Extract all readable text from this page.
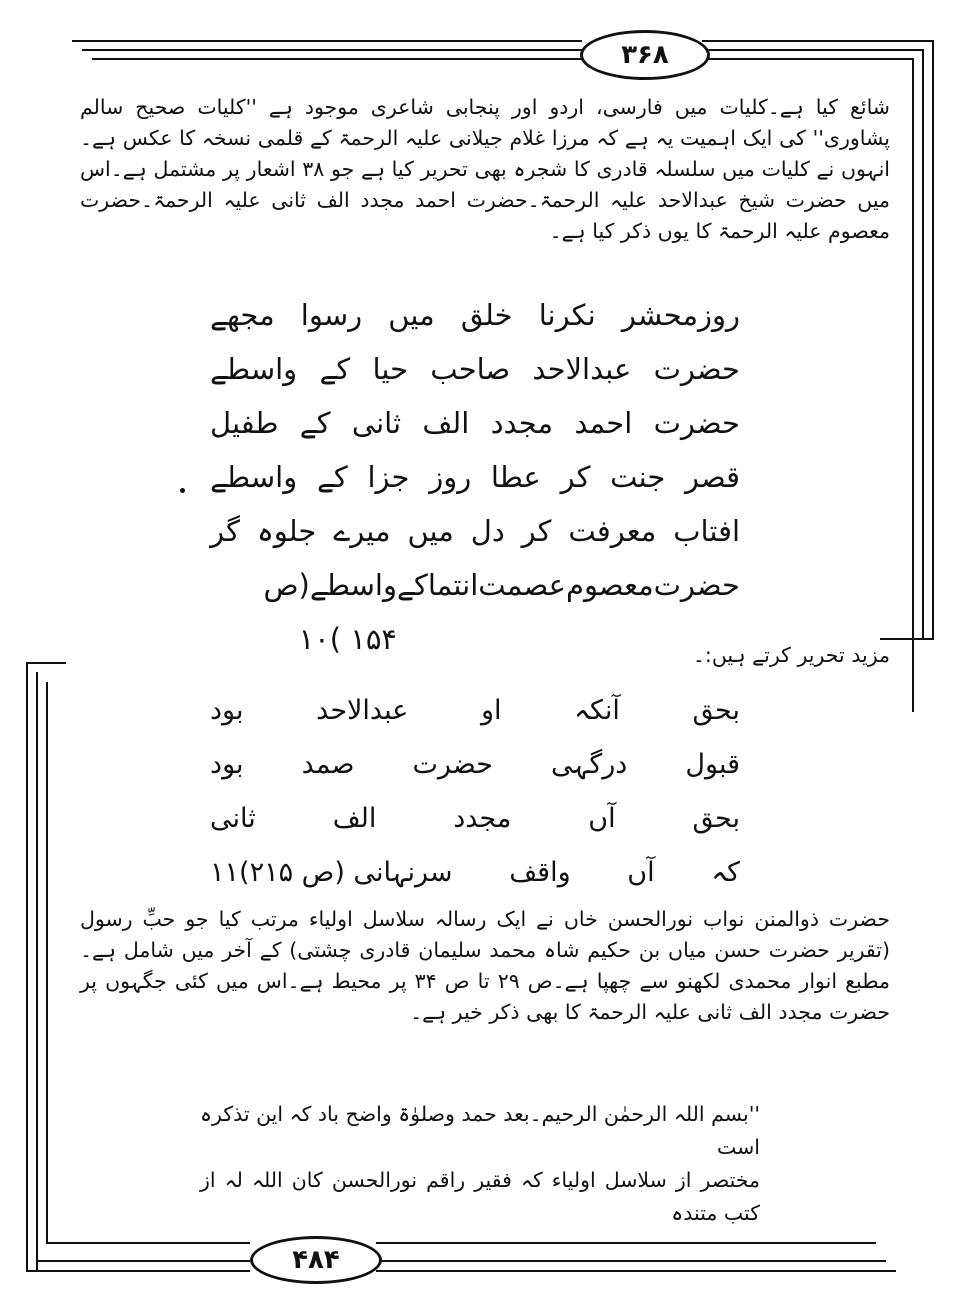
۳۶۸
شائع کیا ہے۔کلیات میں فارسی، اردو اور پنجابی شاعری موجود ہے ''کلیات صحیح سالم پشاوری'' کی ایک اہمیت یہ ہے کہ مرزا غلام جیلانی علیہ الرحمۃ کے قلمی نسخہ کا عکس ہے۔انہوں نے کلیات میں سلسلہ قادری کا شجرہ بھی تحریر کیا ہے جو ۳۸ اشعار پر مشتمل ہے۔اس میں حضرت شیخ عبدالاحد علیہ الرحمۃ۔حضرت احمد مجدد الف ثانی علیہ الرحمۃ۔حضرت معصوم علیہ الرحمۃ کا یوں ذکر کیا ہے۔
روزمحشر
نکرنا
خلق
میں
رسوا
مجھے
حضرت
عبدالاحد
صاحب
حیا
کے
واسطے
حضرت
احمد
مجدد
الف
ثانی
کے
طفیل
قصر
جنت
کر
عطا
روز
جزا
کے
واسطے
افتاب
معرفت
کر
دل
میں
میرے
جلوہ
گر
حضرت
معصوم
عصمت
انتما
کے
واسطے(ص ۱۵۴ )۱۰	مزید تحریر کرتے ہیں:۔
بحق
آنکہ
او
عبدالاحد
بود
قبول
درگہی
حضرت
صمد
بود
بحق
آں
مجدد
الف
ثانی
کہ
آں
واقف
سرنہانی (ص ۲۱۵)۱۱
حضرت ذوالمنن نواب نورالحسن خاں نے ایک رسالہ سلاسل اولیاء مرتب کیا جو حبِّ رسول (تقریر حضرت حسن میاں بن حکیم شاہ محمد سلیمان قادری چشتی) کے آخر میں شامل ہے۔مطبع انوار محمدی لکھنو سے چھپا ہے۔ص ۲۹ تا ص ۳۴ پر محیط ہے۔اس میں کئی جگہوں پر حضرت مجدد الف ثانی علیہ الرحمۃ کا بھی ذکر خیر ہے۔
''بسم اللہ الرحمٰن الرحیم۔بعد حمد وصلوٰۃ واضح باد کہ این تذکرہ است
مختصر از سلاسل اولیاء کہ فقیر راقم نورالحسن کان اللہ لہ از کتب متندہ
۴۸۴
